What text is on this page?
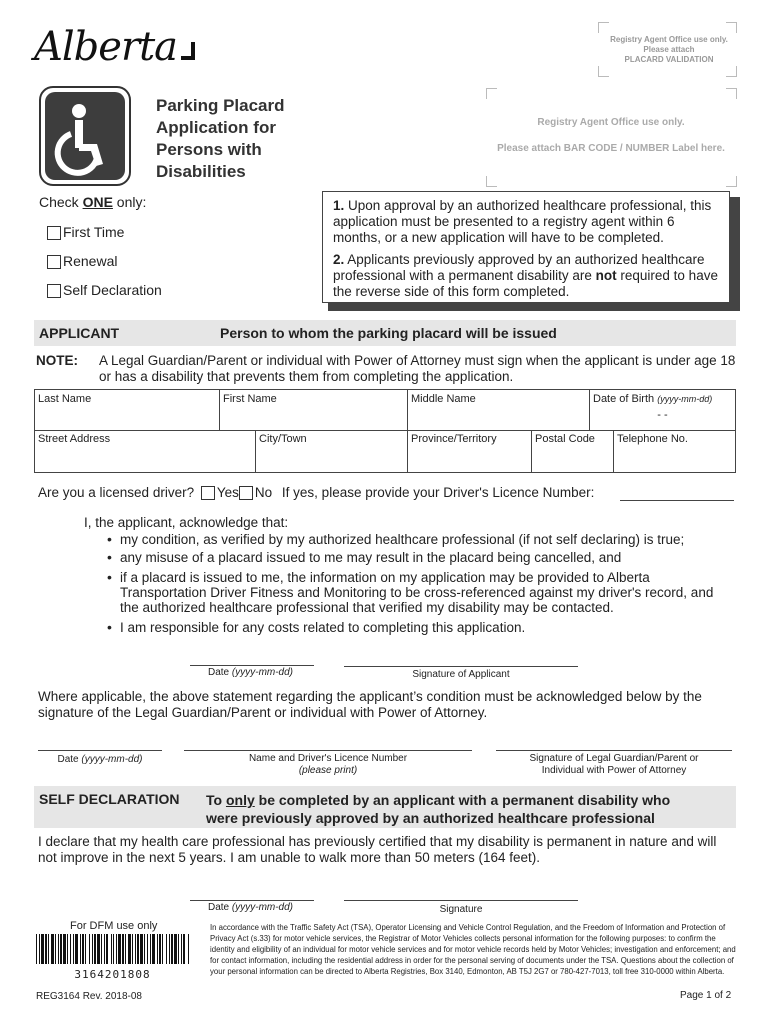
Alberta	Registry Agent Office use only.
Please attach
PLACARD VALIDATION
Registry Agent Office use only.
Please attach BAR CODE / NUMBER Label here.
Parking Placard
Application for
Persons with
Disabilities
Check ONE only:
First Time
Renewal
Self Declaration

1. Upon approval by an authorized healthcare professional, this application must be presented to a registry agent within 6 months, or a new application will have to be completed.

2. Applicants previously approved by an authorized healthcare professional with a permanent disability are not required to have the reverse side of this form completed.

APPLICANT	Person to whom the parking placard will be issued
NOTE: A Legal Guardian/Parent or individual with Power of Attorney must sign when the applicant is under age 18 or has a disability that prevents them from completing the application.
Last Name	First Name	Middle Name	Date of Birth (yyyy-mm-dd)
- -
Street Address	City/Town	Province/Territory	Postal Code	Telephone No.
Are you a licensed driver? Yes No If yes, please provide your Driver's Licence Number:
I, the applicant, acknowledge that:
• my condition, as verified by my authorized healthcare professional (if not self declaring) is true;
• any misuse of a placard issued to me may result in the placard being cancelled, and
• if a placard is issued to me, the information on my application may be provided to Alberta Transportation Driver Fitness and Monitoring to be cross-referenced against my driver's record, and the authorized healthcare professional that verified my disability may be contacted.
• I am responsible for any costs related to completing this application.
Date (yyyy-mm-dd)	Signature of Applicant
Where applicable, the above statement regarding the applicant’s condition must be acknowledged below by the signature of the Legal Guardian/Parent or individual with Power of Attorney.
Date (yyyy-mm-dd)	Name and Driver's Licence Number
(please print)
Signature of Legal Guardian/Parent or
Individual with Power of Attorney
SELF DECLARATION To only be completed by an applicant with a permanent disability who
were previously approved by an authorized healthcare professional
I declare that my health care professional has previously certified that my disability is permanent in nature and will not improve in the next 5 years. I am unable to walk more than 50 meters (164 feet).
Date (yyyy-mm-dd)	Signature
For DFM use only
3164201808
In accordance with the Traffic Safety Act (TSA), Operator Licensing and Vehicle Control Regulation, and the Freedom of Information and Protection of Privacy Act (s.33) for motor vehicle services, the Registrar of Motor Vehicles collects personal information for the following purposes: to confirm the identity and eligibility of an individual for motor vehicle services and for motor vehicle records held by Motor Vehicles; investigation and enforcement; and for contact information, including the residential address in order for the personal serving of documents under the TSA. Questions about the collection of your personal information can be directed to Alberta Registries, Box 3140, Edmonton, AB T5J 2G7 or 780-427-7013, toll free 310-0000 within Alberta.
REG3164 Rev. 2018-08	Page 1 of 2
